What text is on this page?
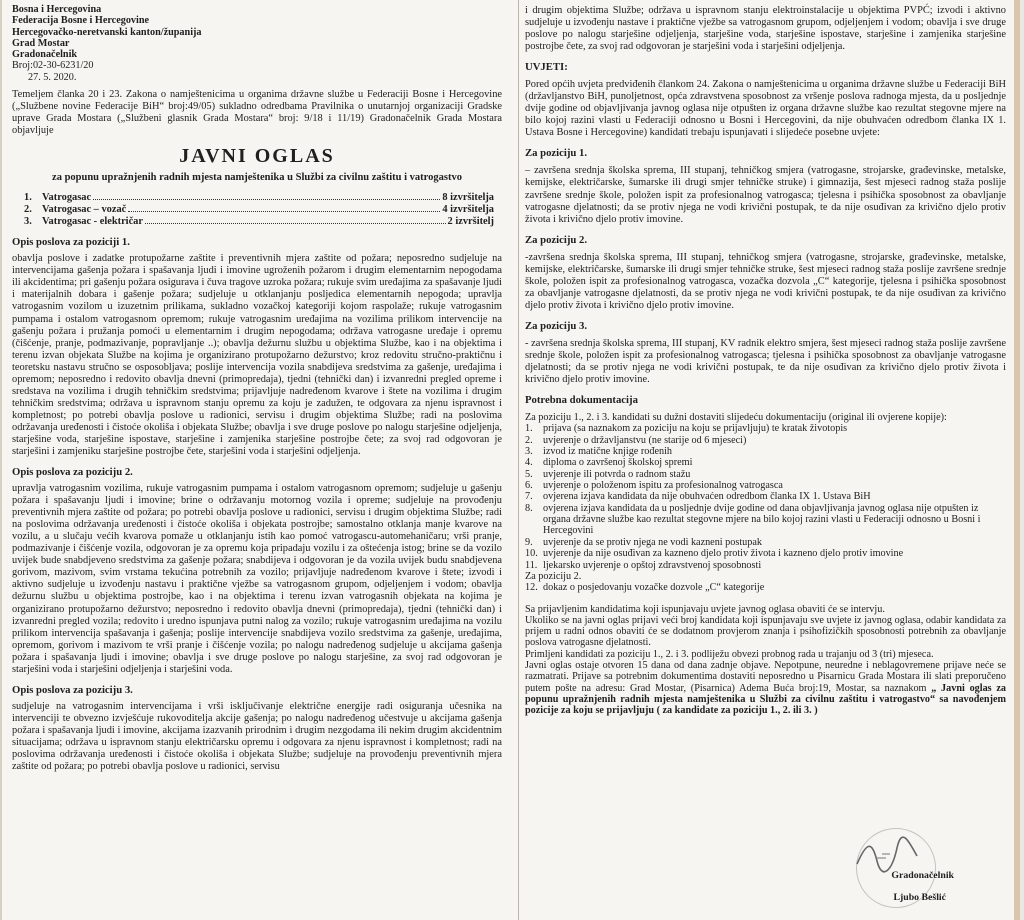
Bosna i Hercegovina
Federacija Bosne i Hercegovine
Hercegovačko-neretvanski kanton/županija
Grad Mostar
Gradonačelnik
Broj:02-30-6231/20
27. 5. 2020.

Temeljem članka 20 i 23. Zakona o namještenicima u organima državne službe u Federaciji Bosne i Hercegovine („Službene novine Federacije BiH“ broj:49/05) sukladno odredbama Pravilnika o unutarnjoj organizaciji Gradske uprave Grada Mostara („Službeni glasnik Grada Mostara“ broj: 9/18 i 11/19) Gradonačelnik Grada Mostara objavljuje

JAVNI OGLAS
za popunu upražnjenih radnih mjesta namještenika u Službi za civilnu zaštitu i vatrogastvo
1. Vatrogasac	8 izvršitelja
2. Vatrogasac – vozač	4 izvršitelja
3. Vatrogasac - električar	2 izvršitelj
Opis poslova za poziciji 1.

obavlja poslove i zadatke protupožarne zaštite i preventivnih mjera zaštite od požara; neposredno sudjeluje na intervencijama gašenja požara i spašavanja ljudi i imovine ugroženih požarom i drugim elementarnim nepogodama ili akcidentima; pri gašenju požara osigurava i čuva tragove uzroka požara; rukuje svim uređajima za spašavanje ljudi i materijalnih dobara i gašenje požara; sudjeluje u otklanjanju posljedica elementarnih nepogoda; upravlja vatrogasnim vozilom u izuzetnim prilikama, sukladno vozačkoj kategoriji kojom raspolaže; rukuje vatrogasnim pumpama i ostalom vatrogasnom opremom; rukuje vatrogasnim uređajima na vozilima prilikom intervencije na gašenju požara i pružanja pomoći u elementarnim i drugim nepogodama; održava vatrogasne uređaje i opremu (čišćenje, pranje, podmazivanje, popravljanje ..); obavlja dežurnu službu u objektima Službe, kao i na objektima i terenu izvan objekata Službe na kojima je organizirano protupožarno dežurstvo; kroz redovitu stručno-praktičnu i teoretsku nastavu stručno se osposobljava; poslije intervencija vozila snabdijeva sredstvima za gašenje, uređajima i opremom; neposredno i redovito obavlja dnevni (primopredaja), tjedni (tehnički dan) i izvanredni pregled opreme i sredstava na vozilima i drugih tehničkim sredstvima; prijavljuje nadređenom kvarove i štete na vozilima i drugim tehničkim sredstvima; održava u ispravnom stanju opremu za koju je zadužen, te odgovara za njenu ispravnost i kompletnost; po potrebi obavlja poslove u radionici, servisu i drugim objektima Službe; radi na poslovima održavanja uređenosti i čistoće okoliša i objekata Službe; obavlja i sve druge poslove po nalogu starješine odjeljenja, starješine voda, starješine ispostave, starješine i zamjenika starješine postrojbe čete; za svoj rad odgovoran je starješini i zamjeniku starješine postrojbe čete, starješini voda i starješini odjeljenja.

Opis poslova za poziciju 2.

upravlja vatrogasnim vozilima, rukuje vatrogasnim pumpama i ostalom vatrogasnom opremom; sudjeluje u gašenju požara i spašavanju ljudi i imovine; brine o održavanju motornog vozila i opreme; sudjeluje na provođenju preventivnih mjera zaštite od požara; po potrebi obavlja poslove u radionici, servisu i drugim objektima Službe; radi na poslovima održavanja uređenosti i čistoće okoliša i objekata postrojbe; samostalno otklanja manje kvarove na vozilu, a u slučaju većih kvarova pomaže u otklanjanju istih kao pomoć vatrogascu-automehaničaru; vrši pranje, podmazivanje i čišćenje vozila, odgovoran je za opremu koja pripadaju vozilu i za oštećenja istog; brine se da vozilo uvijek bude snabdjeveno sredstvima za gašenje požara; snabdijeva i odgovoran je da vozila uvijek budu snabdjevena gorivom, mazivom, svim vrstama tekućina potrebnih za vozilo; prijavljuje nadređenom kvarove i štete; izvodi i aktivno sudjeluje u izvođenju nastavu i praktične vježbe sa vatrogasnom grupom, odjeljenjem i vodom; obavlja dežurnu službu u objektima postrojbe, kao i na objektima i terenu izvan vatrogasnih objekata na kojima je organizirano protupožarno dežurstvo; neposredno i redovito obavlja dnevni (primopredaja), tjedni (tehnički dan) i izvanredni pregled vozila; redovito i uredno ispunjava putni nalog za vozilo; rukuje vatrogasnim uređajima na vozilu prilikom intervencija spašavanja i gašenja; poslije intervencije snabdijeva vozilo sredstvima za gašenje, uređajima, opremom, gorivom i mazivom te vrši pranje i čišćenje vozila; po nalogu nadređenog sudjeluje u akcijama gašenja požara i spašavanja ljudi i imovine; obavlja i sve druge poslove po nalogu starješine, za svoj rad odgovoran je starješini voda i starješini odjeljenja i starješini voda.

Opis poslova za poziciju 3.

sudjeluje na vatrogasnim intervencijama i vrši isključivanje električne energije radi osiguranja učesnika na intervenciji te obvezno izvješćuje rukovoditelja akcije gašenja; po nalogu nadređenog učestvuje u akcijama gašenja požara i spašavanja ljudi i imovine, akcijama izazvanih prirodnim i drugim nezgodama ili nekim drugim akcidentnim situacijama; održava u ispravnom stanju električarsku opremu i odgovara za njenu ispravnost i kompletnost; radi na poslovima održavanja uređenosti i čistoće okoliša i objekata Službe; sudjeluje na provođenju preventivnih mjera zaštite od požara; po potrebi obavlja poslove u radionici, servisu

i drugim objektima Službe; održava u ispravnom stanju elektroinstalacije u objektima PVPĆ; izvodi i aktivno sudjeluje u izvođenju nastave i praktične vježbe sa vatrogasnom grupom, odjeljenjem i vodom; obavlja i sve druge poslove po nalogu starješine odjeljenja, starješine voda, starješine ispostave, starješine i zamjenika starješine postrojbe čete, za svoj rad odgovoran je starješini voda i starješini odjeljenja.

UVJETI:

Pored općih uvjeta predviđenih člankom 24. Zakona o namještenicima u organima državne službe u Federaciji BiH (državljanstvo BiH, punoljetnost, opća zdravstvena sposobnost za vršenje poslova radnoga mjesta, da u posljednje dvije godine od objavljivanja javnog oglasa nije otpušten iz organa državne službe kao rezultat stegovne mjere na bilo kojoj razini vlasti u Federaciji odnosno u Bosni i Hercegovini, da nije obuhvaćen odredbom članka IX 1. Ustava Bosne i Hercegovine) kandidati trebaju ispunjavati i slijedeće posebne uvjete:

Za poziciju 1.

– završena srednja školska sprema, III stupanj, tehničkog smjera (vatrogasne, strojarske, građevinske, metalske, kemijske, električarske, šumarske ili drugi smjer tehničke struke) i gimnazija, šest mjeseci radnog staža poslije završene srednje škole, položen ispit za profesionalnog vatrogasca; tjelesna i psihička sposobnost za obavljanje vatrogasne djelatnosti; da se protiv njega ne vodi krivični postupak, te da nije osuđivan za krivično djelo protiv života i krivično djelo protiv imovine.

Za poziciju 2.

-završena srednja školska sprema, III stupanj, tehničkog smjera (vatrogasne, strojarske, građevinske, metalske, kemijske, električarske, šumarske ili drugi smjer tehničke struke, šest mjeseci radnog staža poslije završene srednje škole, položen ispit za profesionalnog vatrogasca, vozačka dozvola „C“ kategorije, tjelesna i psihička sposobnost za obavljanje vatrogasne djelatnosti, da se protiv njega ne vodi krivični postupak, te da nije osuđivan za krivično djelo protiv života i krivično djelo protiv imovine.

Za poziciju 3.

- završena srednja školska sprema, III stupanj, KV radnik elektro smjera, šest mjeseci radnog staža poslije završene srednje škole, položen ispit za profesionalnog vatrogasca; tjelesna i psihička sposobnost za obavljanje vatrogasne djelatnosti; da se protiv njega ne vodi krivični postupak, te da nije osuđivan za krivično djelo protiv života i krivično djelo protiv imovine.

Potrebna dokumentacija

Za poziciju 1., 2. i 3. kandidati su dužni dostaviti slijedeću dokumentaciju (original ili ovjerene kopije):

1.	prijava (sa naznakom za poziciju na koju se prijavljuju) te kratak životopis
2.	uvjerenje o državljanstvu (ne starije od 6 mjeseci)
3.	izvod iz matične knjige rođenih
4.	diploma o završenoj školskoj spremi
5.	uvjerenje ili potvrda o radnom stažu
6.	uvjerenje o položenom ispitu za profesionalnog vatrogasca
7.	ovjerena izjava kandidata da nije obuhvaćen odredbom članka IX 1. Ustava BiH
8.	ovjerena izjava kandidata da u posljednje dvije godine od dana objavljivanja javnog oglasa nije otpušten iz organa državne službe kao rezultat stegovne mjere na bilo kojoj razini vlasti u Federaciji odnosno u Bosni i Hercegovini
9.	uvjerenje da se protiv njega ne vodi kazneni postupak
10. uvjerenje da nije osuđivan za kazneno djelo protiv života i kazneno djelo protiv imovine
11. ljekarsko uvjerenje o opštoj zdravstvenoj sposobnosti
Za poziciju 2.
12. dokaz o posjedovanju vozačke dozvole „C“ kategorije

Sa prijavljenim kandidatima koji ispunjavaju uvjete javnog oglasa obaviti će se intervju.

Ukoliko se na javni oglas prijavi veći broj kandidata koji ispunjavaju sve uvjete iz javnog oglasa, odabir kandidata za prijem u radni odnos obaviti će se dodatnom provjerom znanja i psihofizičkih sposobnosti potrebnih za obavljanje poslova vatrogasne djelatnosti.

Primljeni kandidati za poziciju 1., 2. i 3. podliježu obvezi probnog rada u trajanju od 3 (tri) mjeseca.

Javni oglas ostaje otvoren 15 dana od dana zadnje objave. Nepotpune, neuredne i neblagovremene prijave neće se razmatrati. Prijave sa potrebnim dokumentima dostaviti neposredno u Pisarnicu Grada Mostara ili slati preporučeno putem pošte na adresu: Grad Mostar, (Pisarnica) Adema Buća broj:19, Mostar, sa naznakom „ Javni oglas za popunu upražnjenih radnih mjesta namještenika u Službi za civilnu zaštitu i vatrogastvo“ sa navođenjem pozicije za koju se prijavljuju ( za kandidate za poziciju 1., 2. ili 3. )

Gradonačelnik
Ljubo Bešlić
